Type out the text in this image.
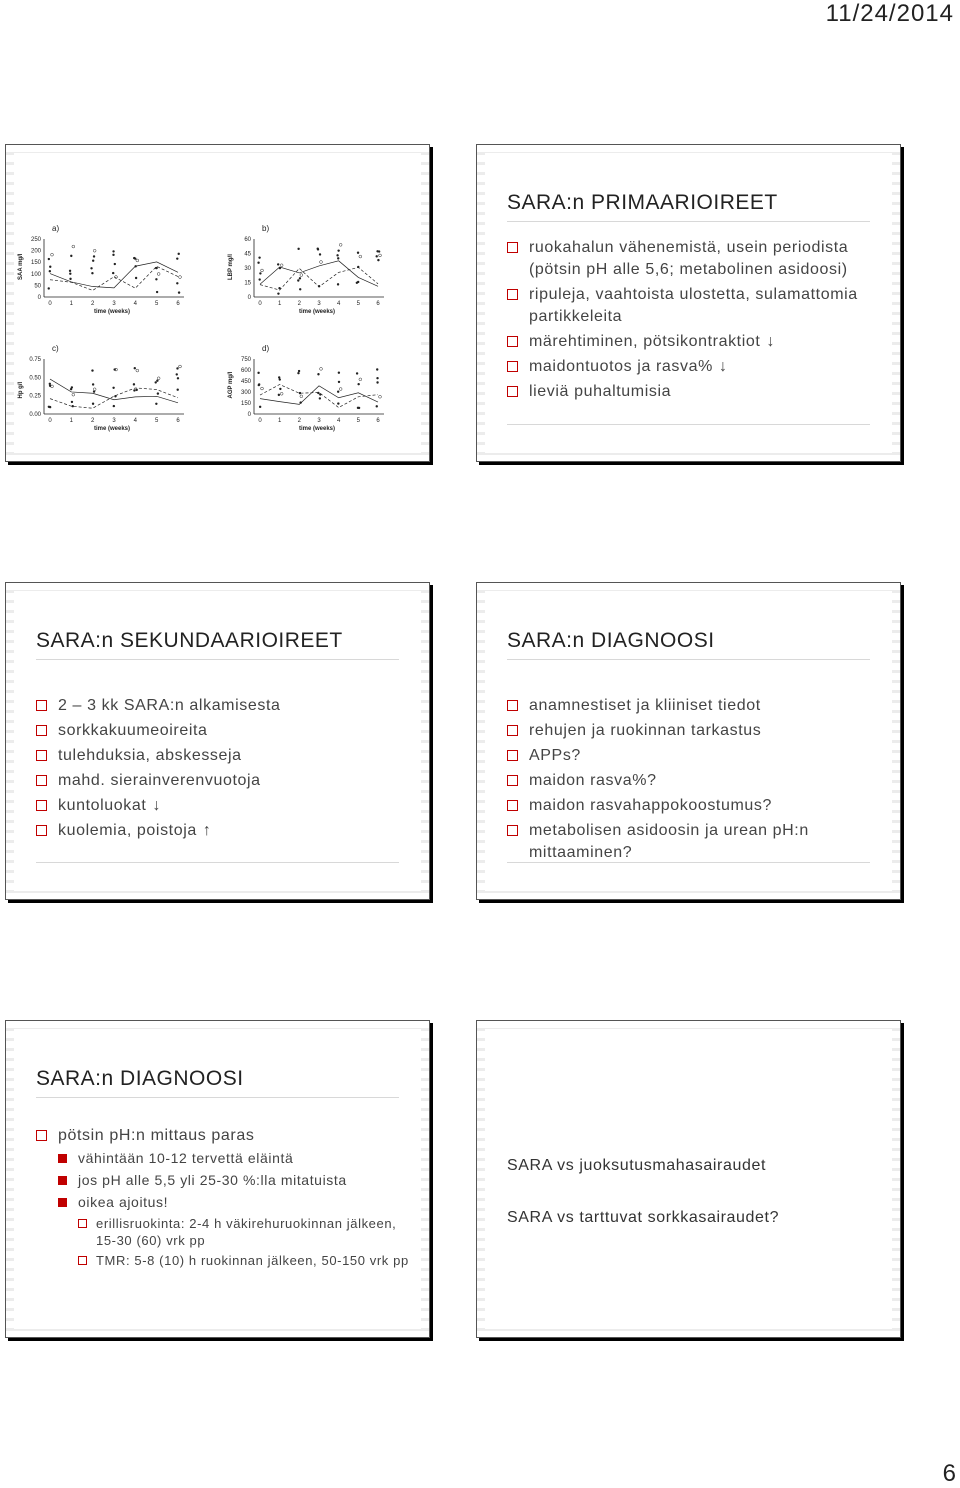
11/24/2014
a)
SAA mg/l
250
200
150
100
50
0
0	1	2	3	4	5	6
time (weeks)
b)
LBP mg/l
60
45
30
15
0
0	1	2	3	4	5	6
time (weeks)
c)
Hp g/l
0.75
0.50
0.25
0.00
0	1	2	3	4	5	6
time (weeks)
d)
AGP mg/l
750
600
450
300
150
0
0	1	2	3	4	5	6
time (weeks)
SARA:n PRIMAARIOIREET
ruokahalun vähenemistä, usein periodista (pötsin pH alle 5,6; metabolinen asidoosi)
ripuleja, vaahtoista ulostetta, sulamattomia partikkeleita
märehtiminen, pötsikontraktiot ↓
maidontuotos ja rasva% ↓
lieviä puhaltumisia
SARA:n SEKUNDAARIOIREET
2 – 3 kk SARA:n alkamisesta
sorkkakuumeoireita
tulehduksia, abskesseja
mahd. sierainverenvuotoja
kuntoluokat ↓
kuolemia, poistoja ↑
SARA:n DIAGNOOSI
anamnestiset ja kliiniset tiedot
rehujen ja ruokinnan tarkastus
APPs?
maidon rasva%?
maidon rasvahappokoostumus?
metabolisen asidoosin ja urean pH:n mittaaminen?
SARA:n DIAGNOOSI
pötsin pH:n mittaus paras
vähintään 10-12 tervettä eläintä
jos pH alle 5,5 yli 25-30 %:lla mitatuista
oikea ajoitus!
erillisruokinta: 2-4 h väkirehuruokinnan jälkeen, 15-30 (60) vrk pp
TMR: 5-8 (10) h ruokinnan jälkeen, 50-150 vrk pp
SARA vs juoksutusmahasairaudet
SARA vs tarttuvat sorkkasairaudet?
6
